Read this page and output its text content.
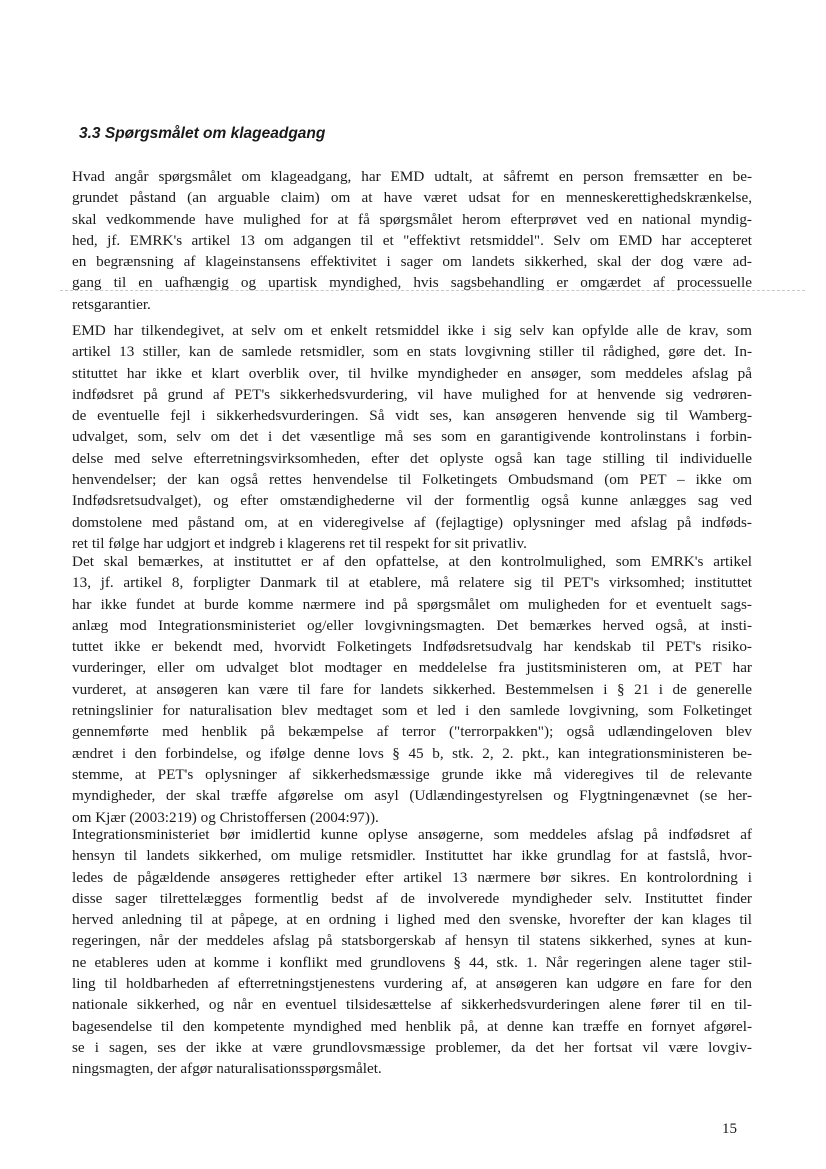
3.3 Spørgsmålet om klageadgang
Hvad angår spørgsmålet om klageadgang, har EMD udtalt, at såfremt en person fremsætter en be-
grundet påstand (an arguable claim) om at have været udsat for en menneskerettighedskrænkelse,
skal vedkommende have mulighed for at få spørgsmålet herom efterprøvet ved en national myndig-
hed, jf. EMRK's artikel 13 om adgangen til et "effektivt retsmiddel". Selv om EMD har accepteret
en begrænsning af klageinstansens effektivitet i sager om landets sikkerhed, skal der dog være ad-
gang til en uafhængig og upartisk myndighed, hvis sagsbehandling er omgærdet af processuelle
retsgarantier.
EMD har tilkendegivet, at selv om et enkelt retsmiddel ikke i sig selv kan opfylde alle de krav, som
artikel 13 stiller, kan de samlede retsmidler, som en stats lovgivning stiller til rådighed, gøre det. In-
stituttet har ikke et klart overblik over, til hvilke myndigheder en ansøger, som meddeles afslag på
indfødsret på grund af PET's sikkerhedsvurdering, vil have mulighed for at henvende sig vedrøren-
de eventuelle fejl i sikkerhedsvurderingen. Så vidt ses, kan ansøgeren henvende sig til Wamberg-
udvalget, som, selv om det i det væsentlige må ses som en garantigivende kontrolinstans i forbin-
delse med selve efterretningsvirksomheden, efter det oplyste også kan tage stilling til individuelle
henvendelser; der kan også rettes henvendelse til Folketingets Ombudsmand (om PET – ikke om
Indfødsretsudvalget), og efter omstændighederne vil der formentlig også kunne anlægges sag ved
domstolene med påstand om, at en videregivelse af (fejlagtige) oplysninger med afslag på indføds-
ret til følge har udgjort et indgreb i klagerens ret til respekt for sit privatliv.
Det skal bemærkes, at instituttet er af den opfattelse, at den kontrolmulighed, som EMRK's artikel
13, jf. artikel 8, forpligter Danmark til at etablere, må relatere sig til PET's virksomhed; instituttet
har ikke fundet at burde komme nærmere ind på spørgsmålet om muligheden for et eventuelt sags-
anlæg mod Integrationsministeriet og/eller lovgivningsmagten. Det bemærkes herved også, at insti-
tuttet ikke er bekendt med, hvorvidt Folketingets Indfødsretsudvalg har kendskab til PET's risiko-
vurderinger, eller om udvalget blot modtager en meddelelse fra justitsministeren om, at PET har
vurderet, at ansøgeren kan være til fare for landets sikkerhed. Bestemmelsen i § 21 i de generelle
retningslinier for naturalisation blev medtaget som et led i den samlede lovgivning, som Folketinget
gennemførte med henblik på bekæmpelse af terror ("terrorpakken"); også udlændingeloven blev
ændret i den forbindelse, og ifølge denne lovs § 45 b, stk. 2, 2. pkt., kan integrationsministeren be-
stemme, at PET's oplysninger af sikkerhedsmæssige grunde ikke må videregives til de relevante
myndigheder, der skal træffe afgørelse om asyl (Udlændingestyrelsen og Flygtningenævnet (se her-
om Kjær (2003:219) og Christoffersen (2004:97)).
Integrationsministeriet bør imidlertid kunne oplyse ansøgerne, som meddeles afslag på indfødsret af
hensyn til landets sikkerhed, om mulige retsmidler. Instituttet har ikke grundlag for at fastslå, hvor-
ledes de pågældende ansøgeres rettigheder efter artikel 13 nærmere bør sikres. En kontrolordning i
disse sager tilrettelægges formentlig bedst af de involverede myndigheder selv. Instituttet finder
herved anledning til at påpege, at en ordning i lighed med den svenske, hvorefter der kan klages til
regeringen, når der meddeles afslag på statsborgerskab af hensyn til statens sikkerhed, synes at kun-
ne etableres uden at komme i konflikt med grundlovens § 44, stk. 1. Når regeringen alene tager stil-
ling til holdbarheden af efterretningstjenestens vurdering af, at ansøgeren kan udgøre en fare for den
nationale sikkerhed, og når en eventuel tilsidesættelse af sikkerhedsvurderingen alene fører til en til-
bagesendelse til den kompetente myndighed med henblik på, at denne kan træffe en fornyet afgørel-
se i sagen, ses der ikke at være grundlovsmæssige problemer, da det her fortsat vil være lovgiv-
ningsmagten, der afgør naturalisationsspørgsmålet.
15
